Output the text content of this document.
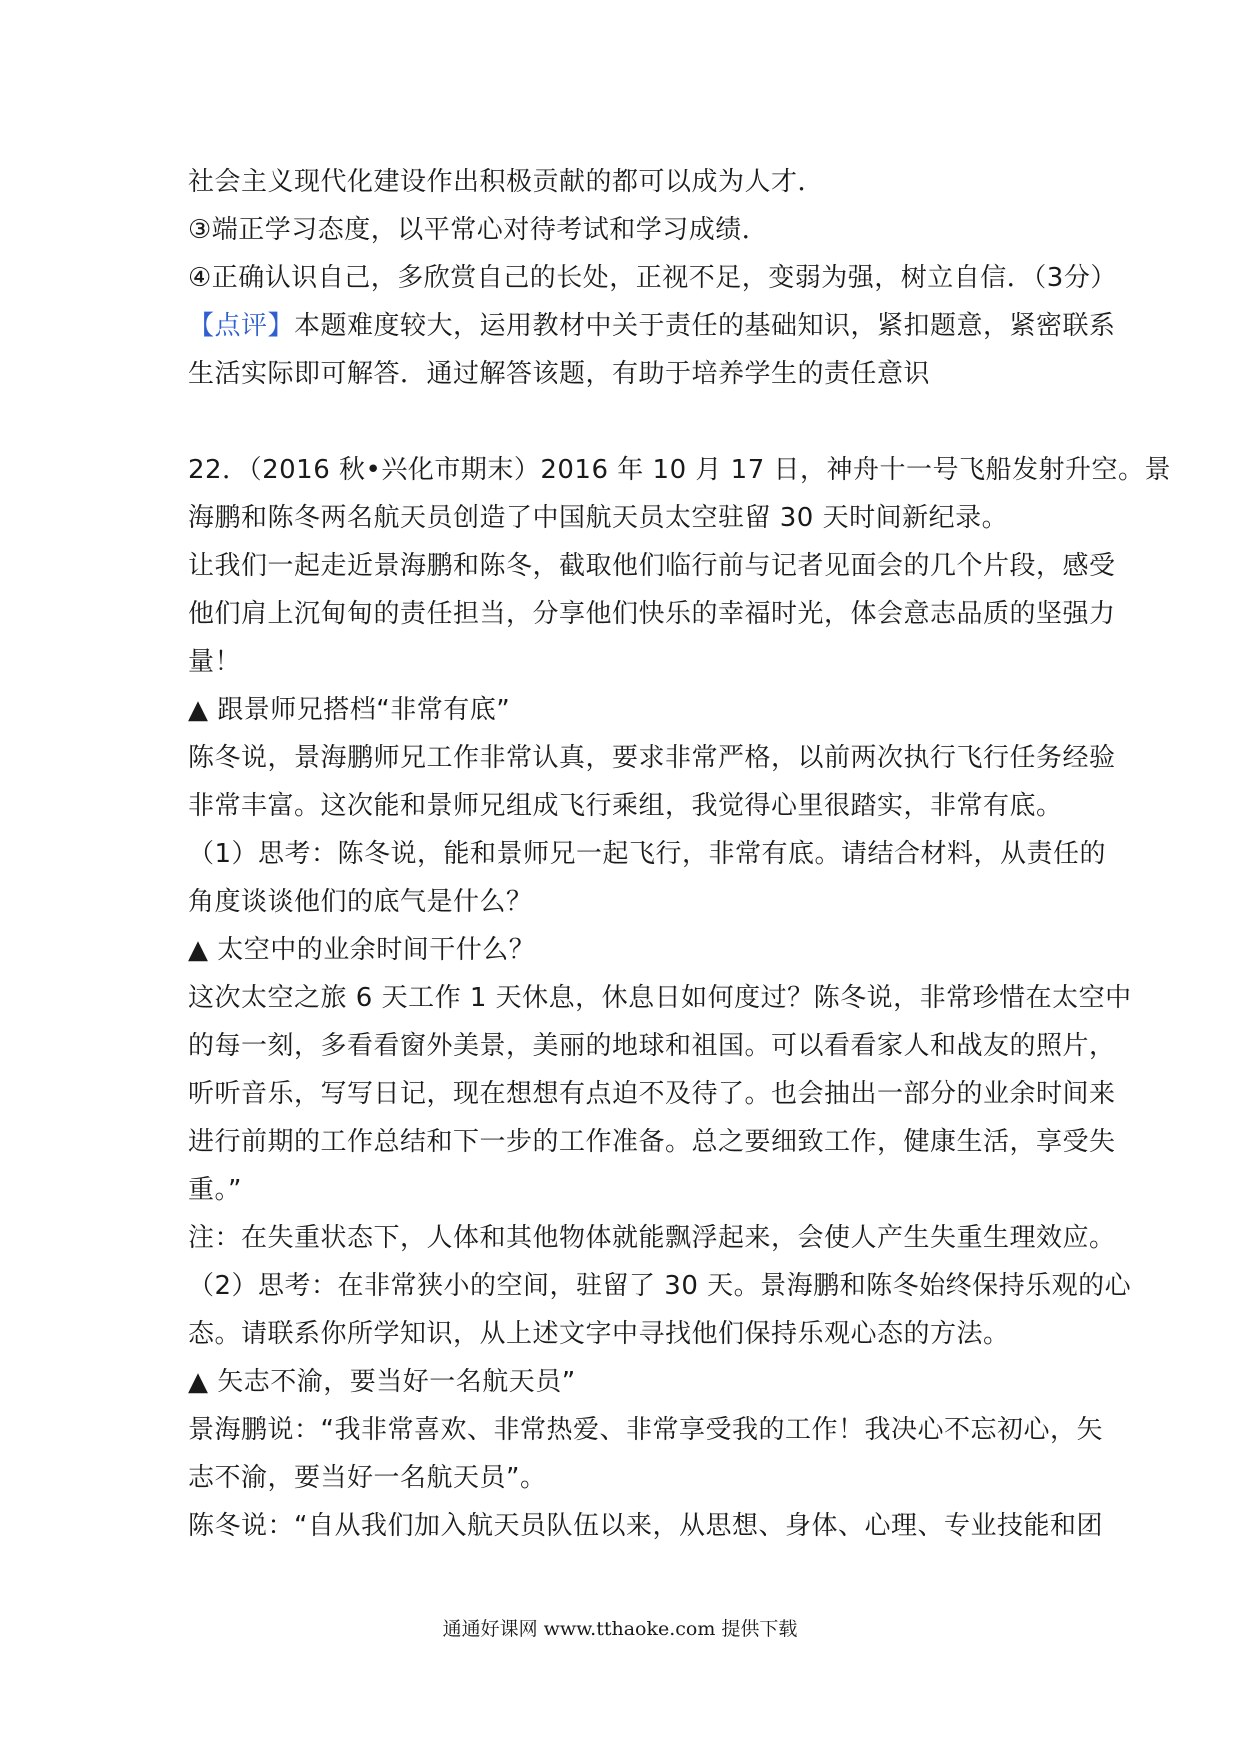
社会主义现代化建设作出积极贡献的都可以成为人才．
③端正学习态度，以平常心对待考试和学习成绩．
④正确认识自己，多欣赏自己的长处，正视不足，变弱为强，树立自信．（3分）
【点评】本题难度较大，运用教材中关于责任的基础知识，紧扣题意，紧密联系
生活实际即可解答．通过解答该题，有助于培养学生的责任意识
22．（2016 秋•兴化市期末）2016 年 10 月 17 日，神舟十一号飞船发射升空。景
海鹏和陈冬两名航天员创造了中国航天员太空驻留 30 天时间新纪录。
让我们一起走近景海鹏和陈冬，截取他们临行前与记者见面会的几个片段，感受
他们肩上沉甸甸的责任担当，分享他们快乐的幸福时光，体会意志品质的坚强力
量！
▲ 跟景师兄搭档“非常有底”
陈冬说，景海鹏师兄工作非常认真，要求非常严格，以前两次执行飞行任务经验
非常丰富。这次能和景师兄组成飞行乘组，我觉得心里很踏实，非常有底。
（1）思考：陈冬说，能和景师兄一起飞行，非常有底。请结合材料，从责任的
角度谈谈他们的底气是什么？
▲ 太空中的业余时间干什么？
这次太空之旅 6 天工作 1 天休息，休息日如何度过？陈冬说，非常珍惜在太空中
的每一刻，多看看窗外美景，美丽的地球和祖国。可以看看家人和战友的照片，
听听音乐，写写日记，现在想想有点迫不及待了。也会抽出一部分的业余时间来
进行前期的工作总结和下一步的工作准备。总之要细致工作，健康生活，享受失
重。”
注：在失重状态下，人体和其他物体就能飘浮起来，会使人产生失重生理效应。
（2）思考：在非常狭小的空间，驻留了 30 天。景海鹏和陈冬始终保持乐观的心
态。请联系你所学知识，从上述文字中寻找他们保持乐观心态的方法。
▲ 矢志不渝，要当好一名航天员”
景海鹏说：“我非常喜欢、非常热爱、非常享受我的工作！我决心不忘初心，矢
志不渝，要当好一名航天员”。
陈冬说：“自从我们加入航天员队伍以来，从思想、身体、心理、专业技能和团
通通好课网 www.tthaoke.com 提供下载
